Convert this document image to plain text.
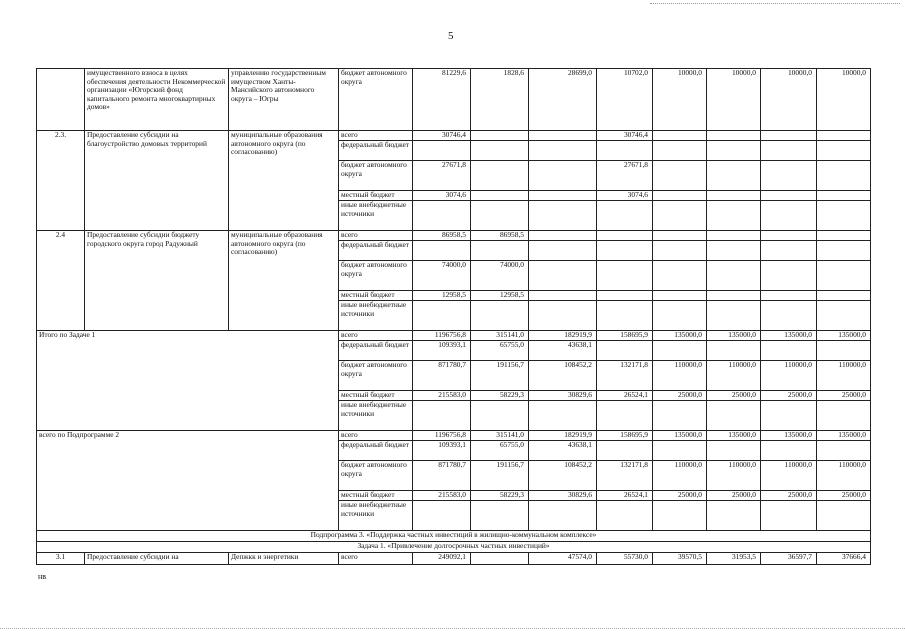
5
	имущественного взноса в целях обеспечения деятельности Некоммерческой организации «Югорский фонд капитального ремонта многоквартирных домов»	управлению государственным имуществом Ханты-Мансийского автономного округа – Югры	бюджет автономного округа	81229,6	1828,6	28699,0	10702,0	10000,0	10000,0	10000,0	10000,0
2.3.	Предоставление субсидии на благоустройство домовых территорий	муниципальные образования автономного округа (по согласованию)	всего	30746,4			30746,4				
			федеральный бюджет								
			бюджет автономного округа	27671,8			27671,8				
			местный бюджет	3074,6			3074,6				
			иные внебюджетные источники								
2.4	Предоставление субсидии бюджету городского округа город Радужный	муниципальные образования автономного округа (по согласованию)	всего	86958,5	86958,5						
			федеральный бюджет								
			бюджет автономного округа	74000,0	74000,0						
			местный бюджет	12958,5	12958,5						
			иные внебюджетные источники								
Итого по Задаче 1			всего	1196756,8	315141,0	182919,9	158695,9	135000,0	135000,0	135000,0	135000,0
			федеральный бюджет	109393,1	65755,0	43638,1					
			бюджет автономного округа	871780,7	191156,7	108452,2	132171,8	110000,0	110000,0	110000,0	110000,0
			местный бюджет	215583,0	58229,3	30829,6	26524,1	25000,0	25000,0	25000,0	25000,0
			иные внебюджетные источники								
всего по Подпрограмме 2			всего	1196756,8	315141,0	182919,9	158695,9	135000,0	135000,0	135000,0	135000,0
			федеральный бюджет	109393,1	65755,0	43638,1					
			бюджет автономного округа	871780,7	191156,7	108452,2	132171,8	110000,0	110000,0	110000,0	110000,0
			местный бюджет	215583,0	58229,3	30829,6	26524,1	25000,0	25000,0	25000,0	25000,0
			иные внебюджетные источники								
Подпрограмма 3. «Поддержка частных инвестиций в жилищно-коммунальном комплексе»											
Задача 1. «Привлечение долгосрочных частных инвестиций»											
3.1	Предоставление субсидии на	Депжкк и энергетики	всего	249092,1		47574,0	55730,0	39570,5	31953,5	36597,7	37666,4
нв
